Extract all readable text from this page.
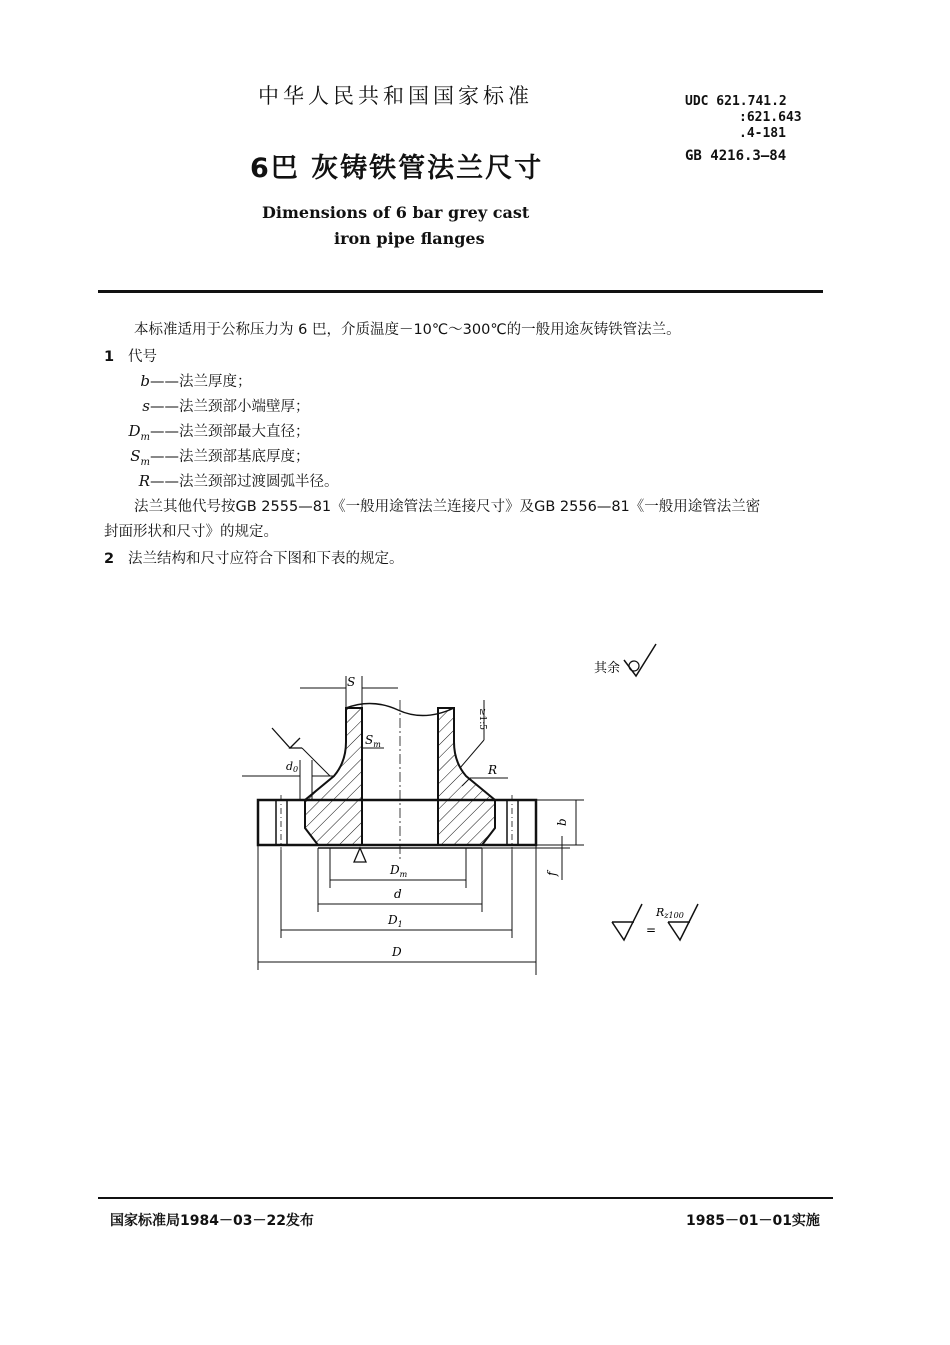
中华人民共和国国家标准
6巴 灰铸铁管法兰尺寸
Dimensions of 6 bar grey cast
iron pipe flanges
UDC 621.741.2
:621.643
.4-181
GB 4216.3—84
本标准适用于公称压力为 6 巴，介质温度－10℃～300℃的一般用途灰铸铁管法兰。
1 代号
b——法兰厚度；
s——法兰颈部小端壁厚；
$D_m——$法兰颈部最大直径；
$S_m——$法兰颈部基底厚度；
R——法兰颈部过渡圆弧半径。
法兰其他代号按GB 2555—81《一般用途管法兰连接尺寸》及GB 2556—81《一般用途管法兰密
封面形状和尺寸》的规定。
2 法兰结构和尺寸应符合下图和下表的规定。
S
$S_m$
d0
≥1:5
R
b
f
$D_m$
d
$D_1$
D
其余
=
Rz100
国家标准局1984－03－22发布	1985－01－01实施
